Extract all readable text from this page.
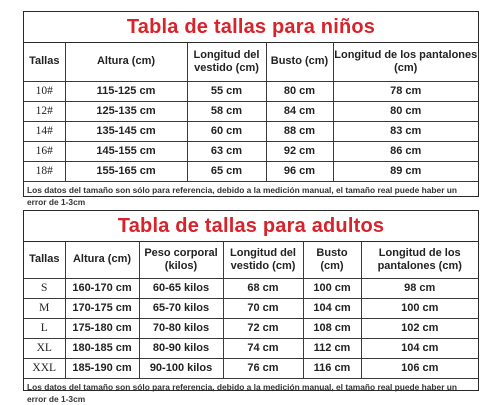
Tabla de tallas para niños
Tallas	Altura (cm)	Longitud del vestido (cm)	Busto (cm)	Longitud de los pantalones (cm)
10#	115-125 cm	55 cm	80 cm	78 cm
12#	125-135 cm	58 cm	84 cm	80 cm
14#	135-145 cm	60 cm	88 cm	83 cm
16#	145-155 cm	63 cm	92 cm	86 cm
18#	155-165 cm	65 cm	96 cm	89 cm
Los datos del tamaño son sólo para referencia, debido a la medición manual, el tamaño real puede haber un error de 1-3cm
Tabla de tallas para adultos
Tallas	Altura (cm)	Peso corporal (kilos)	Longitud del vestido (cm)	Busto (cm)	Longitud de los pantalones (cm)
S	160-170 cm	60-65 kilos	68 cm	100 cm	98 cm
M	170-175 cm	65-70 kilos	70 cm	104 cm	100 cm
L	175-180 cm	70-80 kilos	72 cm	108 cm	102 cm
XL	180-185 cm	80-90 kilos	74 cm	112 cm	104 cm
XXL	185-190 cm	90-100 kilos	76 cm	116 cm	106 cm
Los datos del tamaño son sólo para referencia, debido a la medición manual, el tamaño real puede haber un error de 1-3cm
